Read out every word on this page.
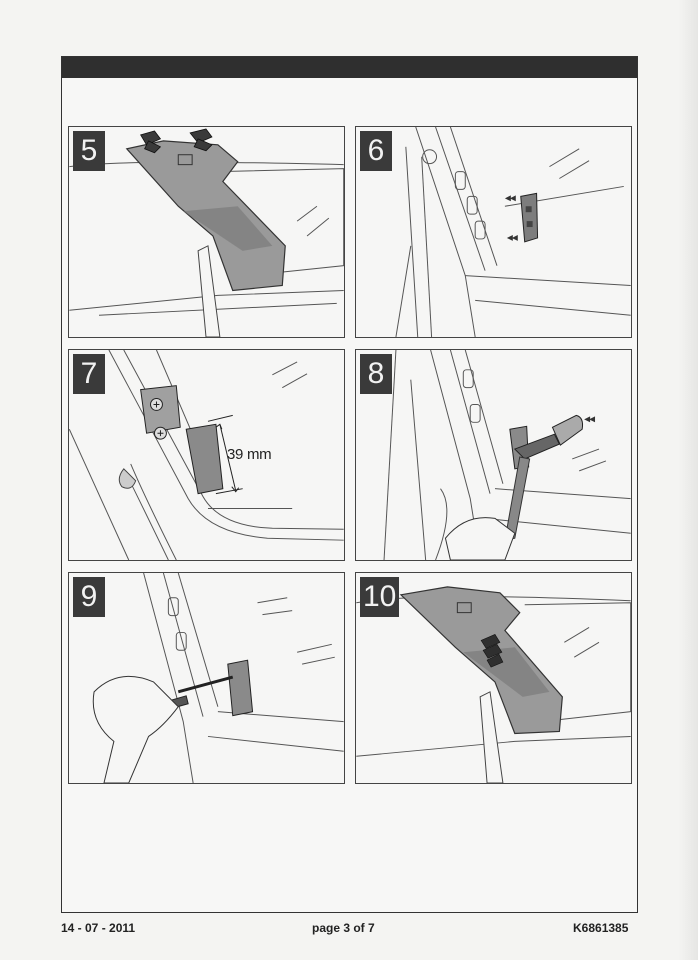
5	6
7
39 mm
8
9	10
14 - 07 - 2011	page 3 of 7	K6861385
